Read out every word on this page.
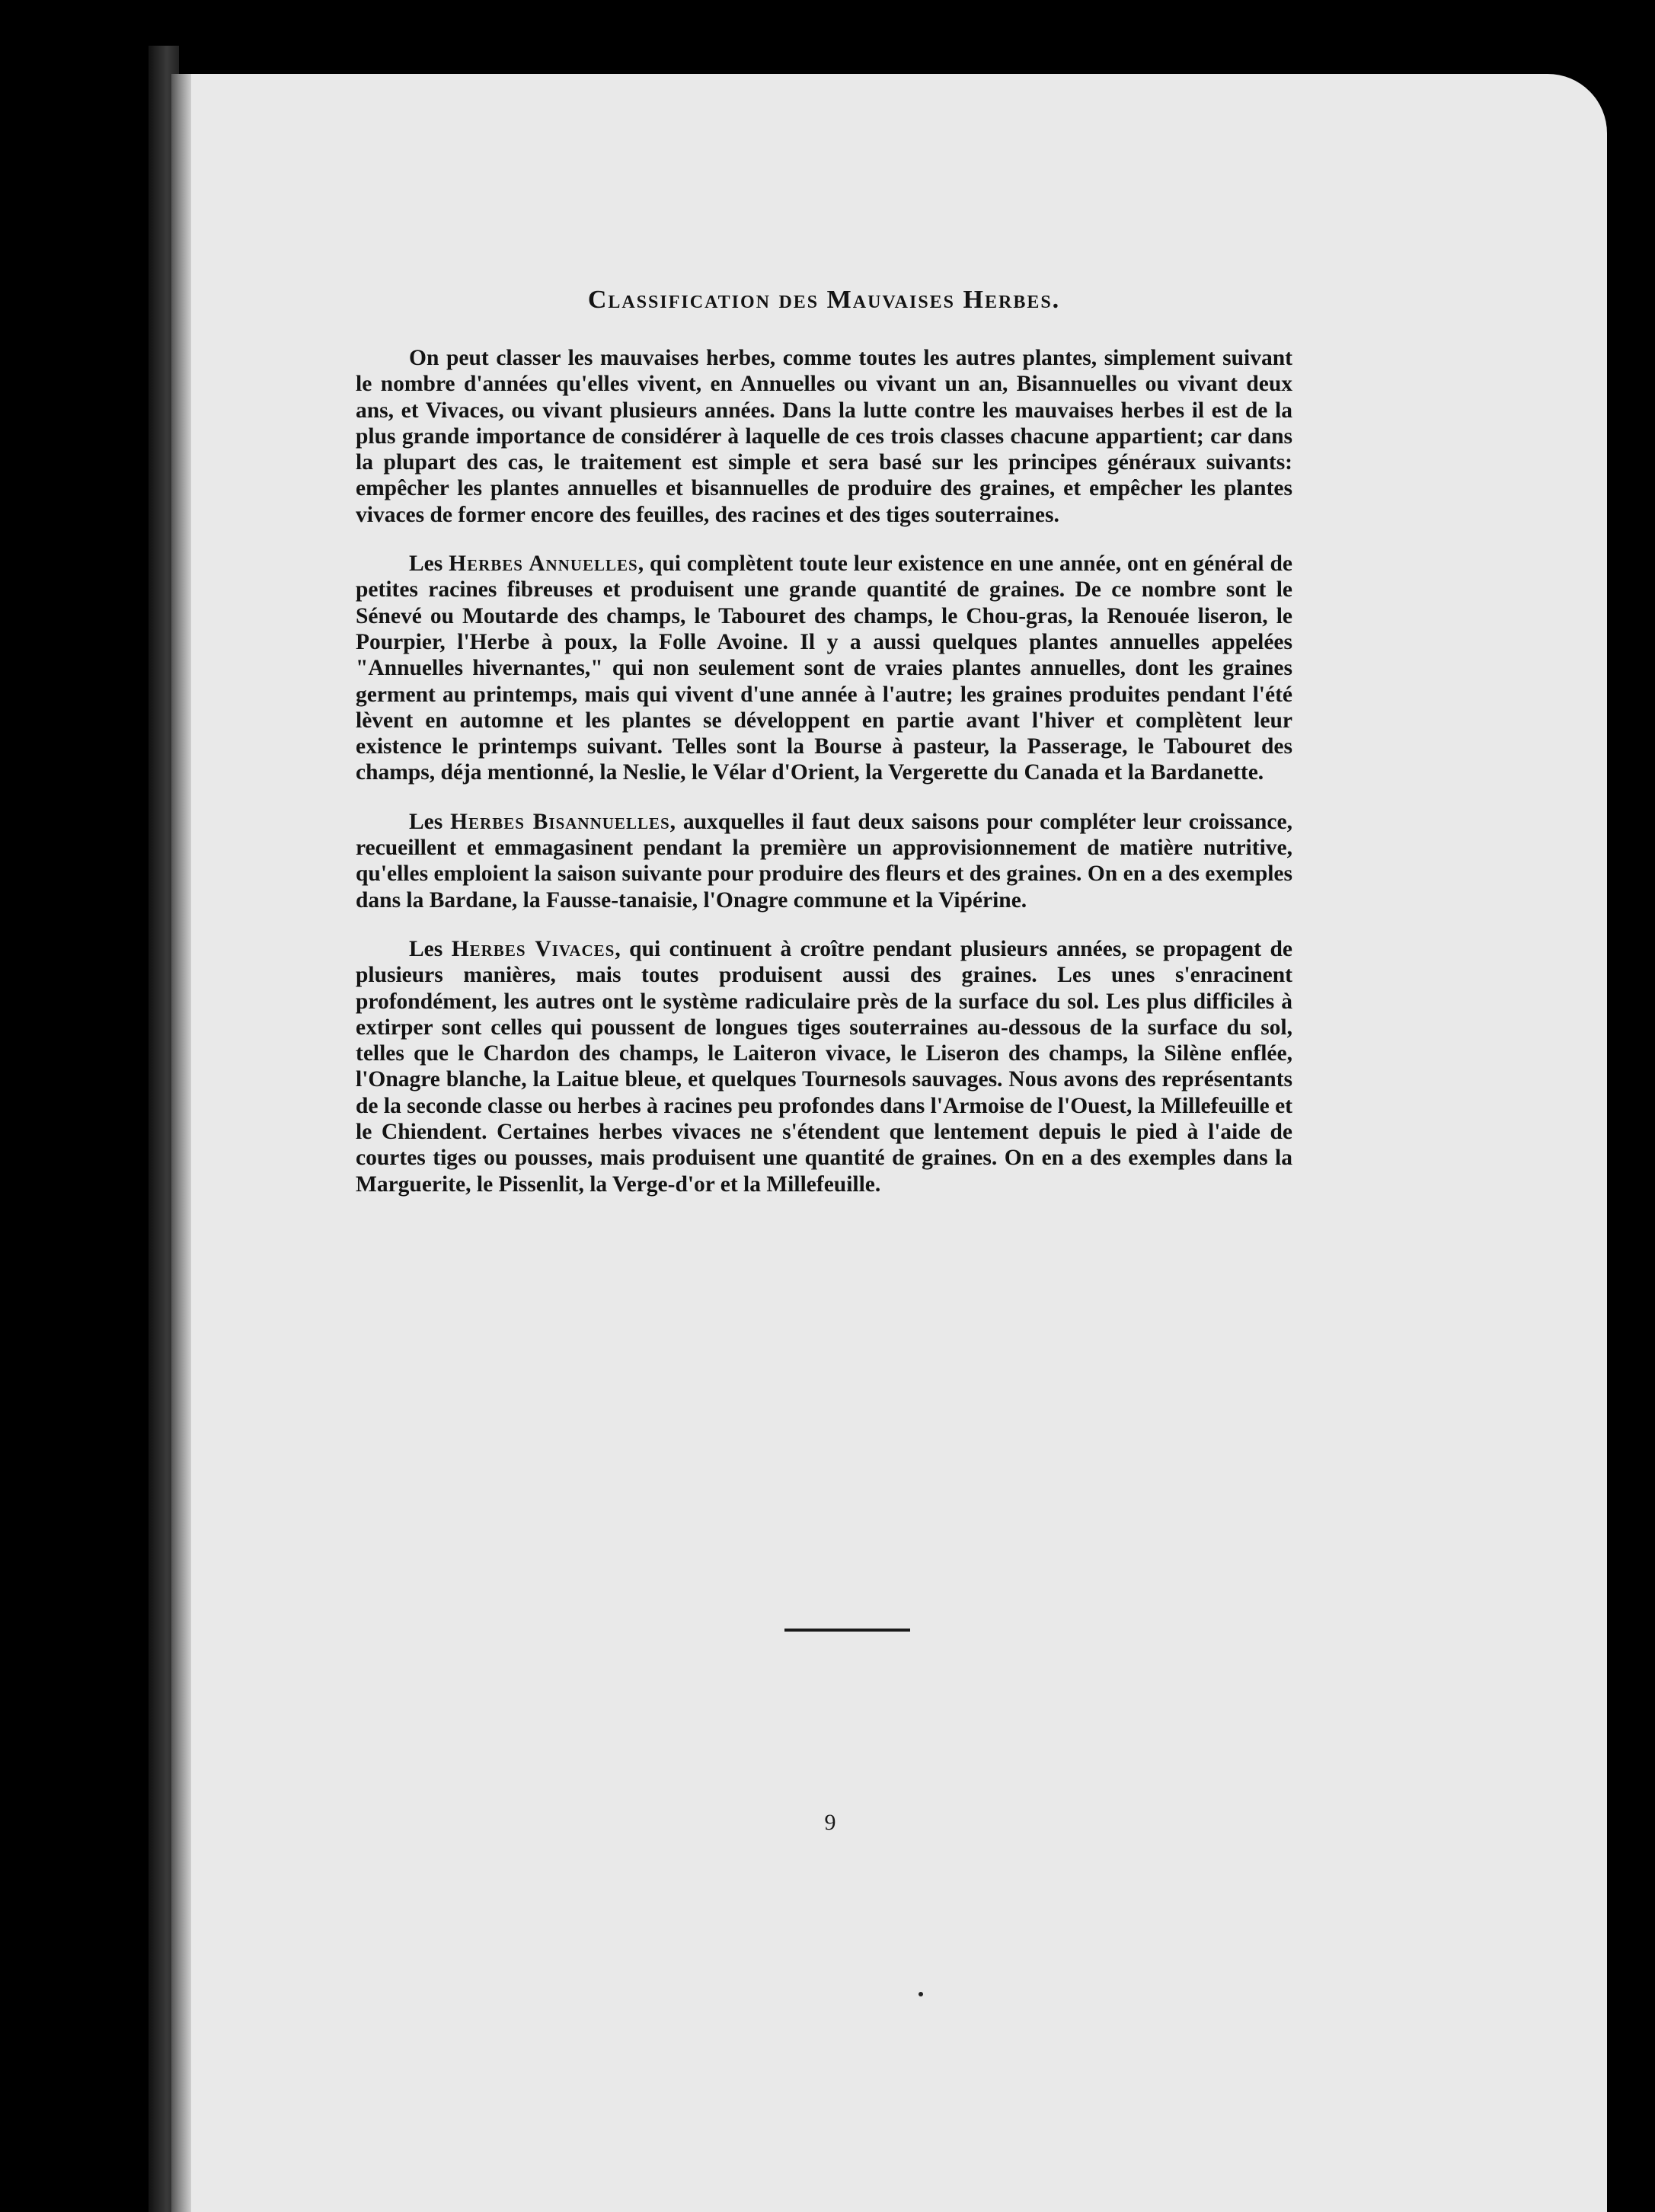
Classification des Mauvaises Herbes.

On peut classer les mauvaises herbes, comme toutes les autres plantes, simplement suivant le nombre d'années qu'elles vivent, en Annuelles ou vivant un an, Bisannuelles ou vivant deux ans, et Vivaces, ou vivant plusieurs années. Dans la lutte contre les mauvaises herbes il est de la plus grande importance de considérer à laquelle de ces trois classes chacune appartient; car dans la plupart des cas, le traitement est simple et sera basé sur les principes généraux suivants: empêcher les plantes annuelles et bisannuelles de produire des graines, et empêcher les plantes vivaces de former encore des feuilles, des racines et des tiges souterraines.

Les Herbes Annuelles, qui complètent toute leur existence en une année, ont en général de petites racines fibreuses et produisent une grande quantité de graines. De ce nombre sont le Sénevé ou Moutarde des champs, le Tabouret des champs, le Chou-gras, la Renouée liseron, le Pourpier, l'Herbe à poux, la Folle Avoine. Il y a aussi quelques plantes annuelles appelées "Annuelles hivernantes," qui non seulement sont de vraies plantes annuelles, dont les graines germent au printemps, mais qui vivent d'une année à l'autre; les graines produites pendant l'été lèvent en automne et les plantes se développent en partie avant l'hiver et complètent leur existence le printemps suivant. Telles sont la Bourse à pasteur, la Passerage, le Tabouret des champs, déja mentionné, la Neslie, le Vélar d'Orient, la Vergerette du Canada et la Bardanette.

Les Herbes Bisannuelles, auxquelles il faut deux saisons pour compléter leur croissance, recueillent et emmagasinent pendant la première un approvisionnement de matière nutritive, qu'elles emploient la saison suivante pour produire des fleurs et des graines. On en a des exemples dans la Bardane, la Fausse-tanaisie, l'Onagre commune et la Vipérine.

Les Herbes Vivaces, qui continuent à croître pendant plusieurs années, se propagent de plusieurs manières, mais toutes produisent aussi des graines. Les unes s'enracinent profondément, les autres ont le système radiculaire près de la surface du sol. Les plus difficiles à extirper sont celles qui poussent de longues tiges souterraines au-dessous de la surface du sol, telles que le Chardon des champs, le Laiteron vivace, le Liseron des champs, la Silène enflée, l'Onagre blanche, la Laitue bleue, et quelques Tournesols sauvages. Nous avons des représentants de la seconde classe ou herbes à racines peu profondes dans l'Armoise de l'Ouest, la Millefeuille et le Chiendent. Certaines herbes vivaces ne s'étendent que lentement depuis le pied à l'aide de courtes tiges ou pousses, mais produisent une quantité de graines. On en a des exemples dans la Marguerite, le Pissenlit, la Verge-d'or et la Millefeuille.

9
